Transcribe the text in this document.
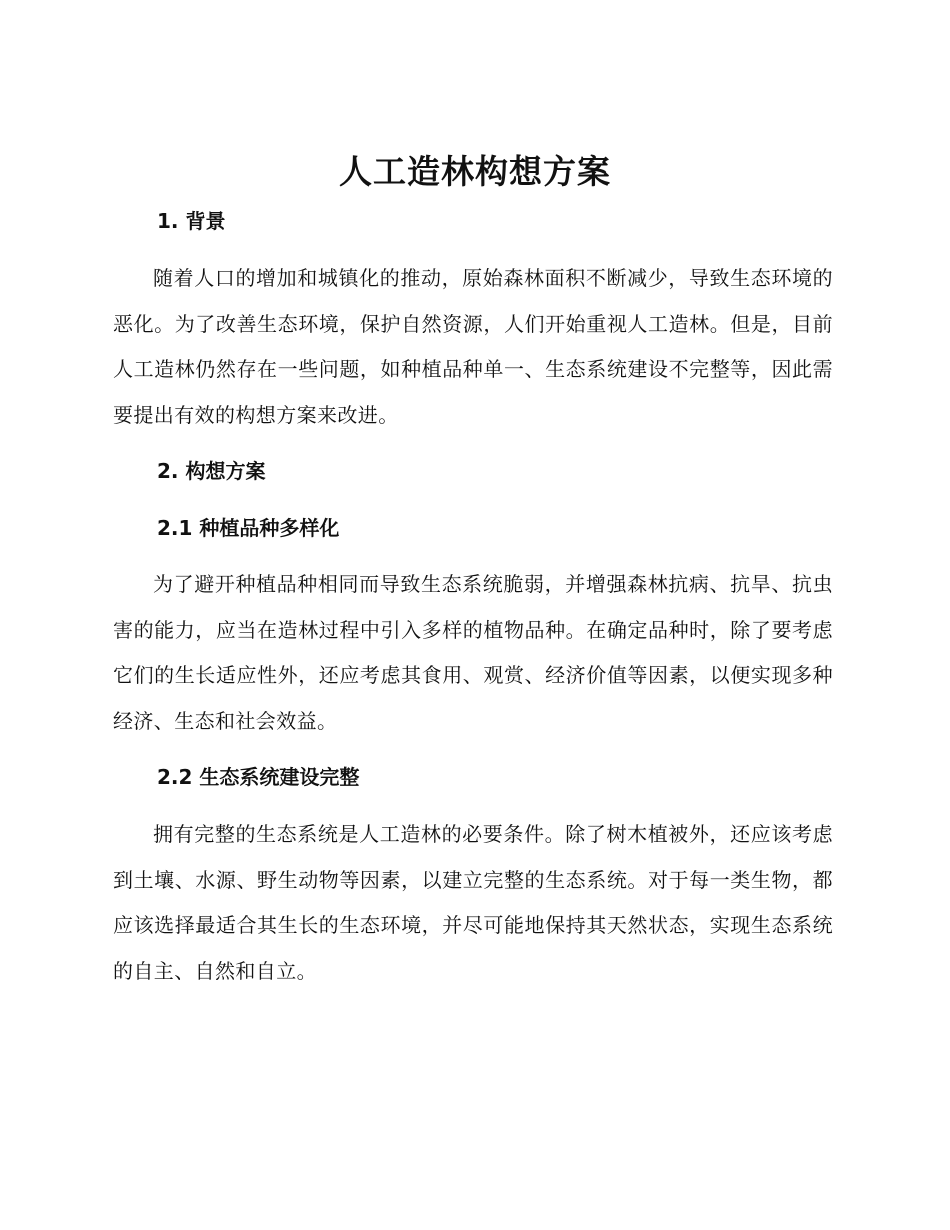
人工造林构想方案
1. 背景

随着人口的增加和城镇化的推动，原始森林面积不断减少，导致生态环境的恶化。为了改善生态环境，保护自然资源，人们开始重视人工造林。但是，目前人工造林仍然存在一些问题，如种植品种单一、生态系统建设不完整等，因此需要提出有效的构想方案来改进。

2. 构想方案
2.1 种植品种多样化

为了避开种植品种相同而导致生态系统脆弱，并增强森林抗病、抗旱、抗虫害的能力，应当在造林过程中引入多样的植物品种。在确定品种时，除了要考虑它们的生长适应性外，还应考虑其食用、观赏、经济价值等因素，以便实现多种经济、生态和社会效益。

2.2 生态系统建设完整

拥有完整的生态系统是人工造林的必要条件。除了树木植被外，还应该考虑到土壤、水源、野生动物等因素，以建立完整的生态系统。对于每一类生物，都应该选择最适合其生长的生态环境，并尽可能地保持其天然状态，实现生态系统的自主、自然和自立。
